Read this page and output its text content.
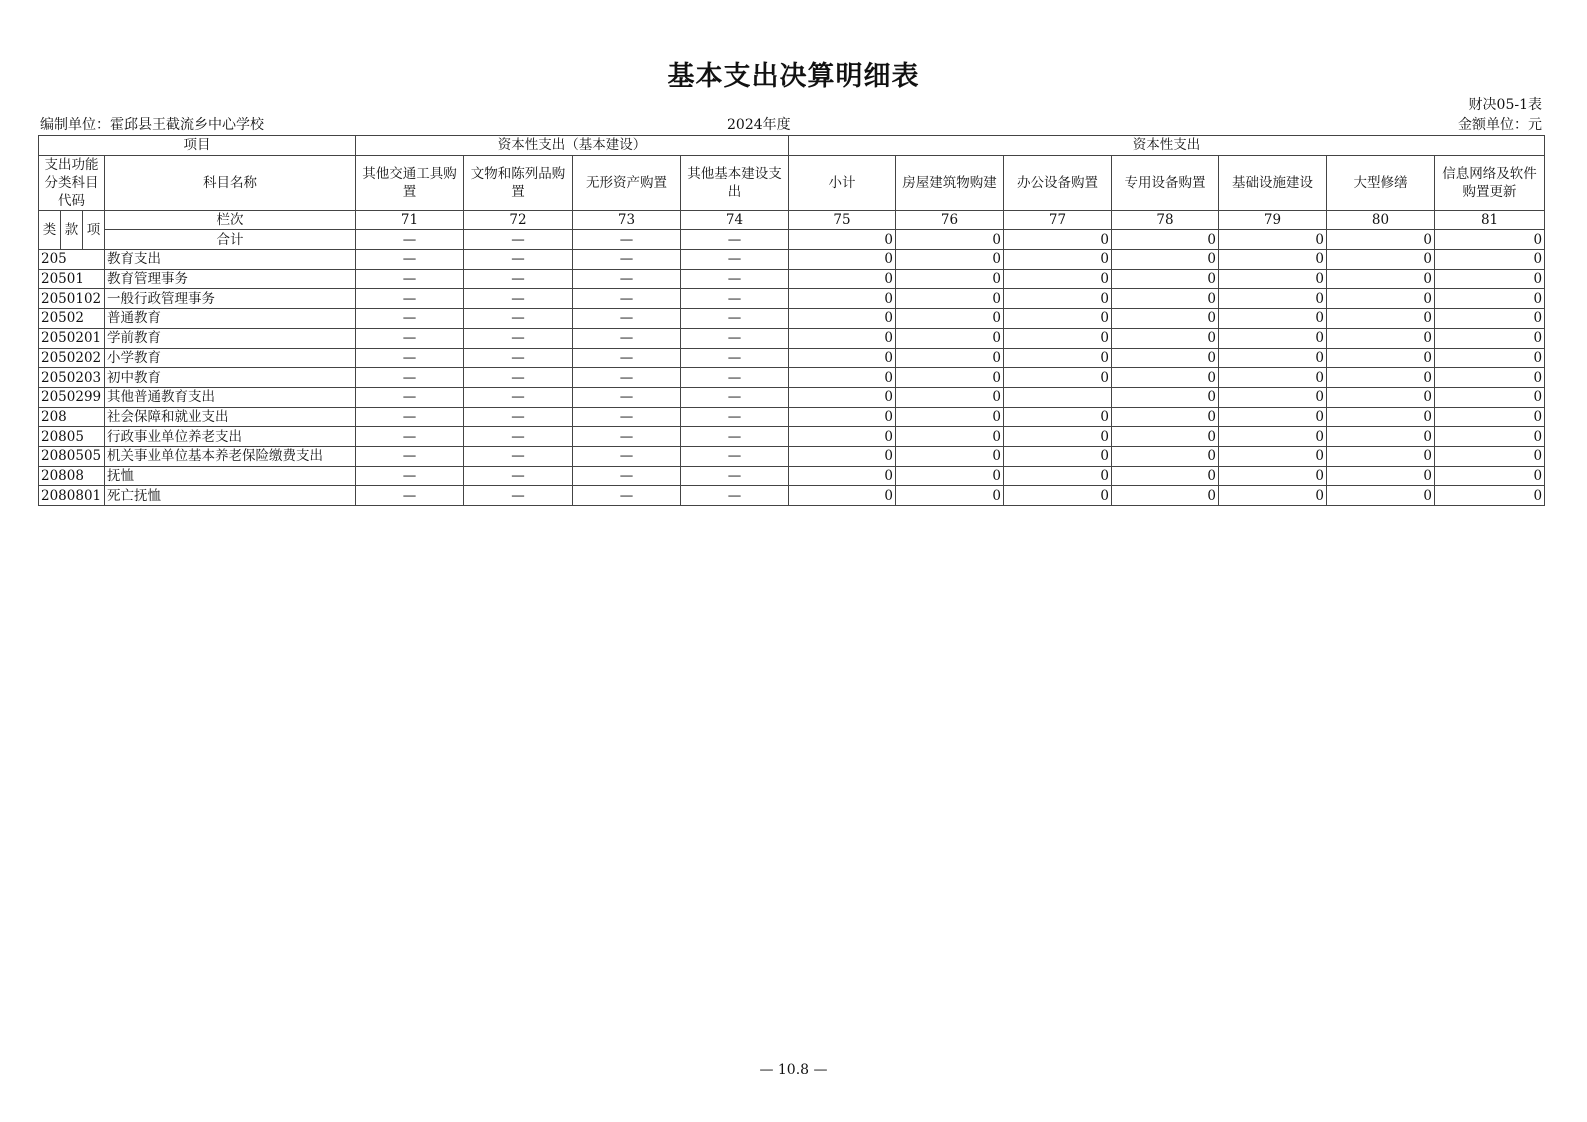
基本支出决算明细表
财决05-1表
编制单位：霍邱县王截流乡中心学校	2024年度	金额单位：元
项目				资本性支出（基本建设）				资本性支出						
支出功能分类科目代码			科目名称	其他交通工具购置	文物和陈列品购置	无形资产购置	其他基本建设支出	小计	房屋建筑物购建	办公设备购置	专用设备购置	基础设施建设	大型修缮	信息网络及软件购置更新
类	款	项	栏次	71	72	73	74	75	76	77	78	79	80	81
			合计	—	—	—	—	0	0	0	0	0	0	0
205			教育支出	—	—	—	—	0	0	0	0	0	0	0
20501			教育管理事务	—	—	—	—	0	0	0	0	0	0	0
2050102			一般行政管理事务	—	—	—	—	0	0	0	0	0	0	0
20502			普通教育	—	—	—	—	0	0	0	0	0	0	0
2050201			学前教育	—	—	—	—	0	0	0	0	0	0	0
2050202			小学教育	—	—	—	—	0	0	0	0	0	0	0
2050203			初中教育	—	—	—	—	0	0	0	0	0	0	0
2050299			其他普通教育支出	—	—	—	—	0	0		0	0	0	0
208			社会保障和就业支出	—	—	—	—	0	0	0	0	0	0	0
20805			行政事业单位养老支出	—	—	—	—	0	0	0	0	0	0	0
2080505			机关事业单位基本养老保险缴费支出	—	—	—	—	0	0	0	0	0	0	0
20808			抚恤	—	—	—	—	0	0	0	0	0	0	0
2080801			死亡抚恤	—	—	—	—	0	0	0	0	0	0	0
— 10.8 —
